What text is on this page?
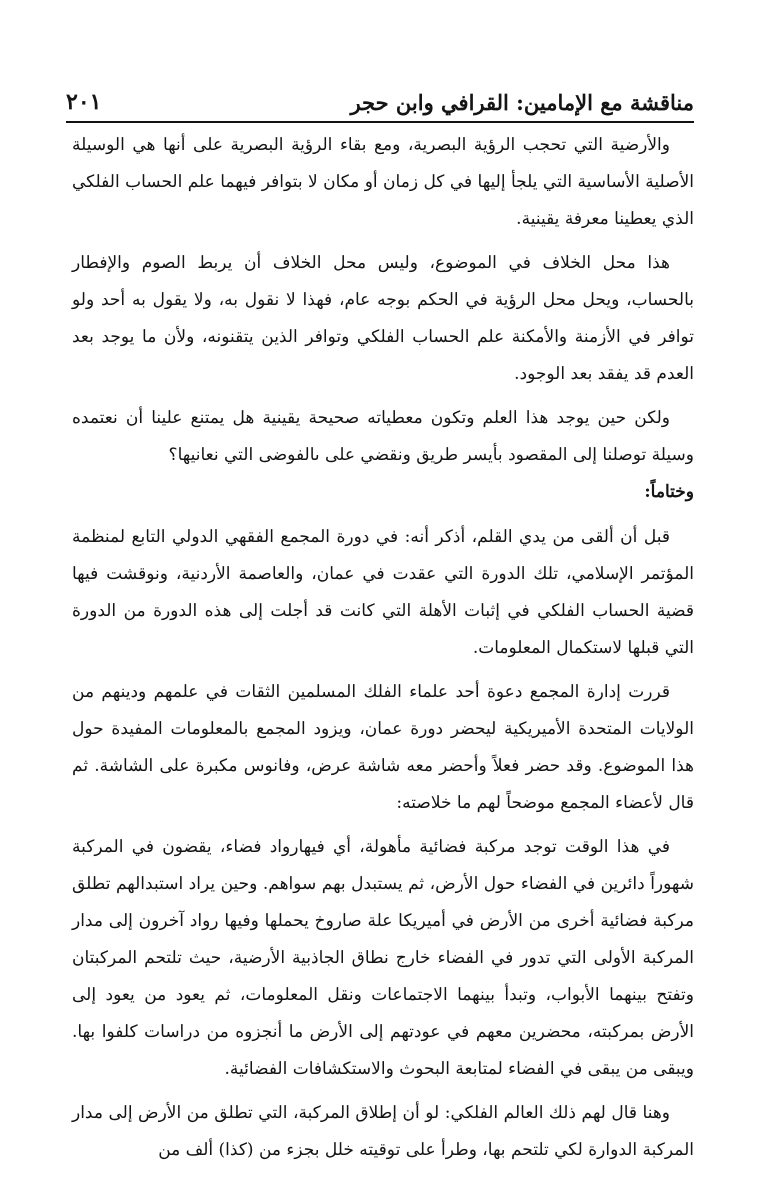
مناقشة مع الإمامين: القرافي وابن حجر
٢٠١

والأرضية التي تحجب الرؤية البصرية، ومع بقاء الرؤية البصرية على أنها هي الوسيلة الأصلية الأساسية التي يلجأ إليها في كل زمان أو مكان لا بتوافر فيهما علم الحساب الفلكي الذي يعطينا معرفة يقينية.

هذا محل الخلاف في الموضوع، وليس محل الخلاف أن يربط الصوم والإفطار بالحساب، ويحل محل الرؤية في الحكم بوجه عام، فهذا لا نقول به، ولا يقول به أحد ولو توافر في الأزمنة والأمكنة علم الحساب الفلكي وتوافر الذين يتقنونه، ولأن ما يوجد بعد العدم قد يفقد بعد الوجود.

ولكن حين يوجد هذا العلم وتكون معطياته صحيحة يقينية هل يمتنع علينا أن نعتمده وسيلة توصلنا إلى المقصود بأيسر طريق ونقضي على ىالفوضى التي نعانيها؟

وختاماً:

قبل أن ألقى من يدي القلم، أذكر أنه: في دورة المجمع الفقهي الدولي التابع لمنظمة المؤتمر الإسلامي، تلك الدورة التي عقدت في عمان، والعاصمة الأردنية، ونوقشت فيها قضية الحساب الفلكي في إثبات الأهلة التي كانت قد أجلت إلى هذه الدورة من الدورة التي قبلها لاستكمال المعلومات.

قررت إدارة المجمع دعوة أحد علماء الفلك المسلمين الثقات في علمهم ودينهم من الولايات المتحدة الأميريكية ليحضر دورة عمان، ويزود المجمع بالمعلومات المفيدة حول هذا الموضوع. وقد حضر فعلاً وأحضر معه شاشة عرض، وفانوس مكبرة على الشاشة. ثم قال لأعضاء المجمع موضحاً لهم ما خلاصته:

في هذا الوقت توجد مركبة فضائية مأهولة، أي فيهارواد فضاء، يقضون في المركبة شهوراً دائرين في الفضاء حول الأرض، ثم يستبدل بهم سواهم. وحين يراد استبدالهم تطلق مركبة فضائية أخرى من الأرض في أميريكا علة صاروخ يحملها وفيها رواد آخرون إلى مدار المركبة الأولى التي تدور في الفضاء خارج نطاق الجاذبية الأرضية، حيث تلتحم المركبتان وتفتح بينهما الأبواب، وتبدأ بينهما الاجتماعات ونقل المعلومات، ثم يعود من يعود إلى الأرض بمركبته، محضرين معهم في عودتهم إلى الأرض ما أنجزوه من دراسات كلفوا بها. ويبقى من يبقى في الفضاء لمتابعة البحوث والاستكشافات الفضائية.

وهنا قال لهم ذلك العالم الفلكي: لو أن إطلاق المركبة، التي تطلق من الأرض إلى مدار المركبة الدوارة لكي تلتحم بها، وطرأ على توقيته خلل بجزء من (كذا) ألف من
